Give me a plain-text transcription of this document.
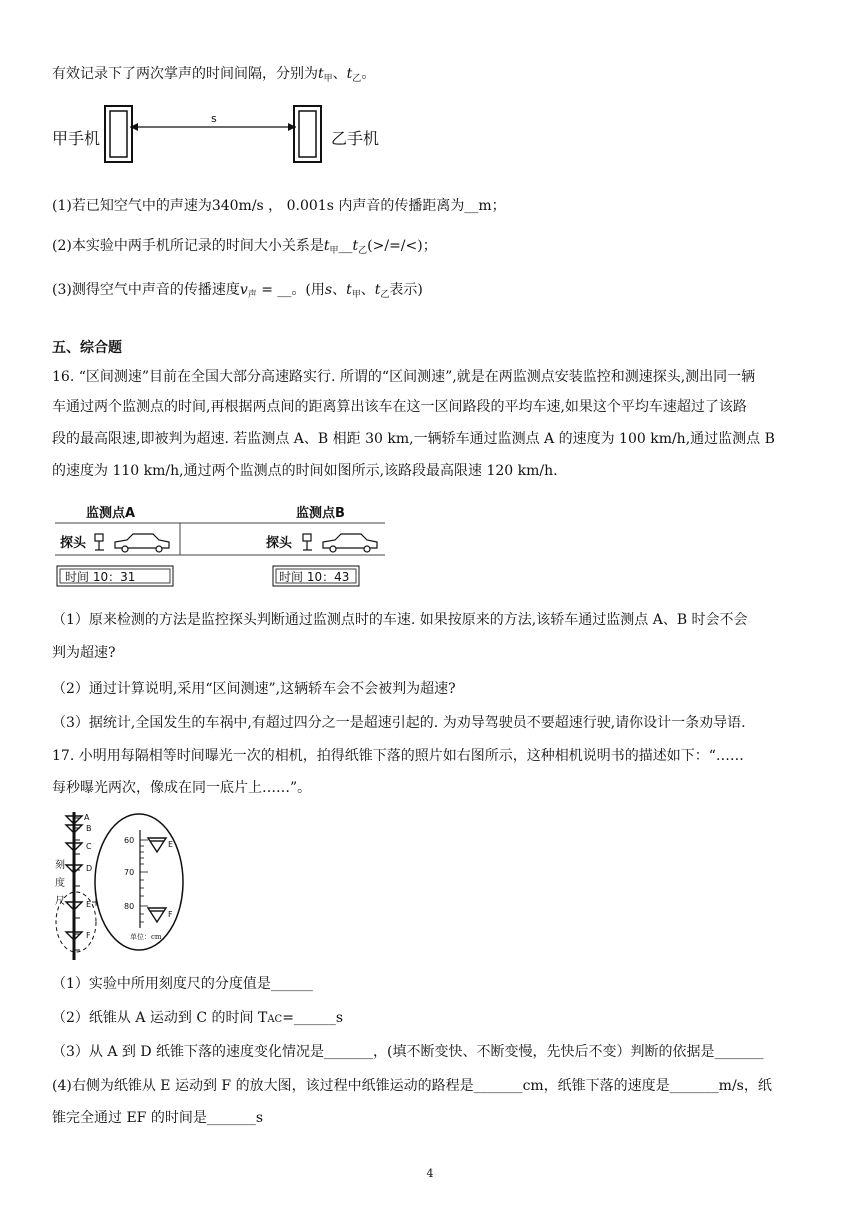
有效记录下了两次掌声的时间间隔，分别为$t_甲$、$t_乙$。
甲手机
s
乙手机
(1)若已知空气中的声速为340m/s ， 0.001s 内声音的传播距离为__m；
(2)本实验中两手机所记录的时间大小关系是$t_甲\_\_t_乙(>/=/<)$；
(3)测得空气中声音的传播速度$v_声$ = __。(用s、$t_甲$、$t_乙$表示)
五、综合题
16. “区间测速”目前在全国大部分高速路实行. 所谓的“区间测速”,就是在两监测点安装监控和测速探头,测出同一辆
车通过两个监测点的时间,再根据两点间的距离算出该车在这一区间路段的平均车速,如果这个平均车速超过了该路
段的最高限速,即被判为超速. 若监测点 A、B 相距 30 km,一辆轿车通过监测点 A 的速度为 100 km/h,通过监测点 B
的速度为 110 km/h,通过两个监测点的时间如图所示,该路段最高限速 120 km/h.
监测点A	监测点B
探头	探头
时间 10：31	时间 10：43
（1）原来检测的方法是监控探头判断通过监测点时的车速. 如果按原来的方法,该轿车通过监测点 A、B 时会不会
判为超速?
（2）通过计算说明,采用“区间测速”,这辆轿车会不会被判为超速?
（3）据统计,全国发生的车祸中,有超过四分之一是超速引起的. 为劝导驾驶员不要超速行驶,请你设计一条劝导语.
17. 小明用每隔相等时间曝光一次的相机，拍得纸锥下落的照片如右图所示，这种相机说明书的描述如下：“……
每秒曝光两次，像成在同一底片上……”。
A
B
C
D
E
F
刻
度
尺
60
70
80
E
F
单位：cm
（1）实验中所用刻度尺的分度值是______
（2）纸锥从 A 运动到 C 的时间 TAC=______s
（3）从 A 到 D 纸锥下落的速度变化情况是_______，(填不断变快、不断变慢，先快后不变）判断的依据是_______
(4)右侧为纸锥从 E 运动到 F 的放大图，该过程中纸锥运动的路程是_______cm，纸锥下落的速度是_______m/s，纸
锥完全通过 EF 的时间是_______s
4
